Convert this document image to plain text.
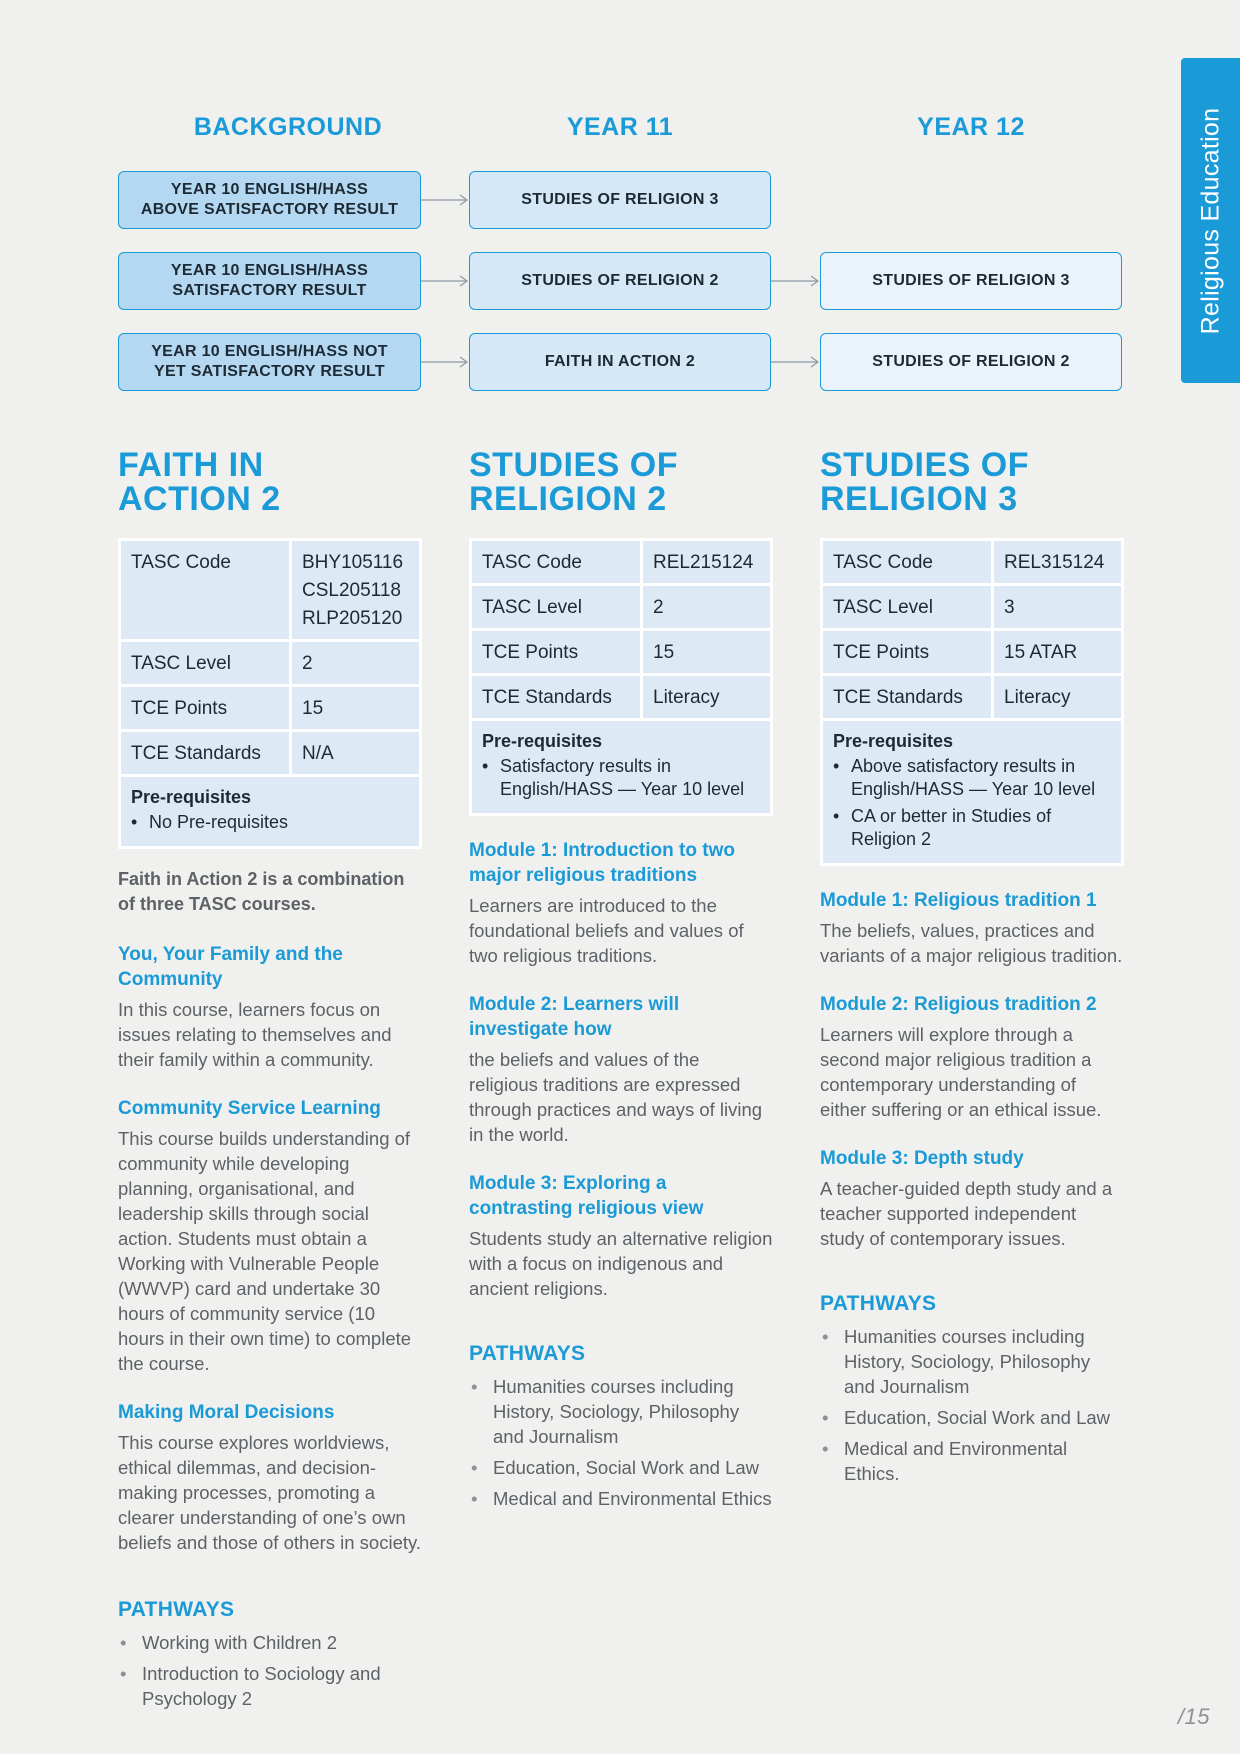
Religious Education
BACKGROUND	YEAR 11	YEAR 12
YEAR 10 ENGLISH/HASS
ABOVE SATISFACTORY RESULT
YEAR 10 ENGLISH/HASS
SATISFACTORY RESULT
YEAR 10 ENGLISH/HASS NOT
YET SATISFACTORY RESULT
STUDIES OF RELIGION 3
STUDIES OF RELIGION 2
FAITH IN ACTION 2
STUDIES OF RELIGION 3
STUDIES OF RELIGION 2
FAITH IN
ACTION 2
TASC Code	BHY105116
CSL205118
RLP205120
TASC Level	2
TCE Points	15
TCE Standards	N/A
Pre-requisites
• No Pre-requisites

Faith in Action 2 is a combination of three TASC courses.

You, Your Family and the Community

In this course, learners focus on issues relating to themselves and their family within a community.

Community Service Learning

This course builds understanding of community while developing planning, organisational, and leadership skills through social action. Students must obtain a Working with Vulnerable People (WWVP) card and undertake 30 hours of community service (10 hours in their own time) to complete the course.

Making Moral Decisions

This course explores worldviews, ethical dilemmas, and decision-making processes, promoting a clearer understanding of one’s own beliefs and those of others in society.

PATHWAYS
• Working with Children 2
• Introduction to Sociology and Psychology 2
STUDIES OF
RELIGION 2
TASC Code	REL215124
TASC Level	2
TCE Points	15
TCE Standards	Literacy
Pre-requisites
• Satisfactory results in English/HASS — Year 10 level
Module 1: Introduction to two major religious traditions

Learners are introduced to the foundational beliefs and values of two religious traditions.

Module 2: Learners will investigate how

the beliefs and values of the religious traditions are expressed through practices and ways of living in the world.

Module 3: Exploring a contrasting religious view

Students study an alternative religion with a focus on indigenous and ancient religions.

PATHWAYS
• Humanities courses including History, Sociology, Philosophy and Journalism
• Education, Social Work and Law
• Medical and Environmental Ethics
STUDIES OF
RELIGION 3
TASC Code	REL315124
TASC Level	3
TCE Points	15 ATAR
TCE Standards	Literacy
Pre-requisites
• Above satisfactory results in English/HASS — Year 10 level
• CA or better in Studies of Religion 2
Module 1: Religious tradition 1

The beliefs, values, practices and variants of a major religious tradition.

Module 2: Religious tradition 2

Learners will explore through a second major religious tradition a contemporary understanding of either suffering or an ethical issue.

Module 3: Depth study

A teacher-guided depth study and a teacher supported independent study of contemporary issues.

PATHWAYS
• Humanities courses including History, Sociology, Philosophy and Journalism
• Education, Social Work and Law
• Medical and Environmental Ethics.
/15
